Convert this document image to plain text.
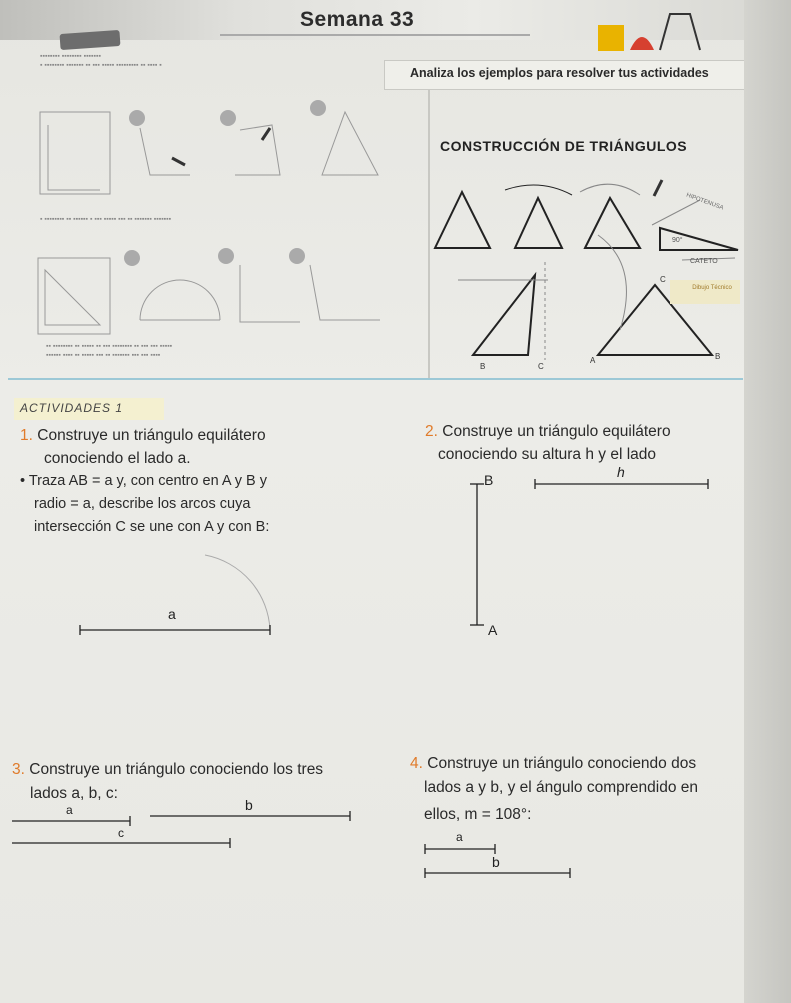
Semana 33
Analiza los ejemplos para resolver tus actividades
▪▪▪▪▪▪▪▪ ▪▪▪▪▪▪▪▪ ▪▪▪▪▪▪▪
▪ ▪▪▪▪▪▪▪▪ ▪▪▪▪▪▪▪ ▪▪ ▪▪▪ ▪▪▪▪▪ ▪▪▪▪▪▪▪▪▪ ▪▪ ▪▪▪▪ ▪
▪ ▪▪▪▪▪▪▪▪ ▪▪ ▪▪▪▪▪▪ ▪ ▪▪▪ ▪▪▪▪▪ ▪▪▪ ▪▪ ▪▪▪▪▪▪▪ ▪▪▪▪▪▪▪
▪▪ ▪▪▪▪▪▪▪▪ ▪▪ ▪▪▪▪▪ ▪▪ ▪▪▪ ▪▪▪▪▪▪▪▪ ▪▪ ▪▪▪ ▪▪▪ ▪▪▪▪▪
▪▪▪▪▪▪ ▪▪▪▪ ▪▪ ▪▪▪▪▪ ▪▪▪ ▪▪ ▪▪▪▪▪▪▪ ▪▪▪ ▪▪▪ ▪▪▪▪
CONSTRUCCIÓN DE TRIÁNGULOS
HIPOTENUSA
90°
CATETO
Dibujo Técnico
B	C
A	B
C
ACTIVIDADES 1
1. Construye un triángulo equilátero
conociendo el lado a.
• Traza AB = a y, con centro en A y B y
radio = a, describe los arcos cuya
intersección C se une con A y con B:
2. Construye un triángulo equilátero
conociendo su altura h y el lado
3. Construye un triángulo conociendo los tres
lados a, b, c:
4. Construye un triángulo conociendo dos
lados a y b, y el ángulo comprendido en
ellos, m = 108°:
a
B	h
A
a	b
c	a
b
